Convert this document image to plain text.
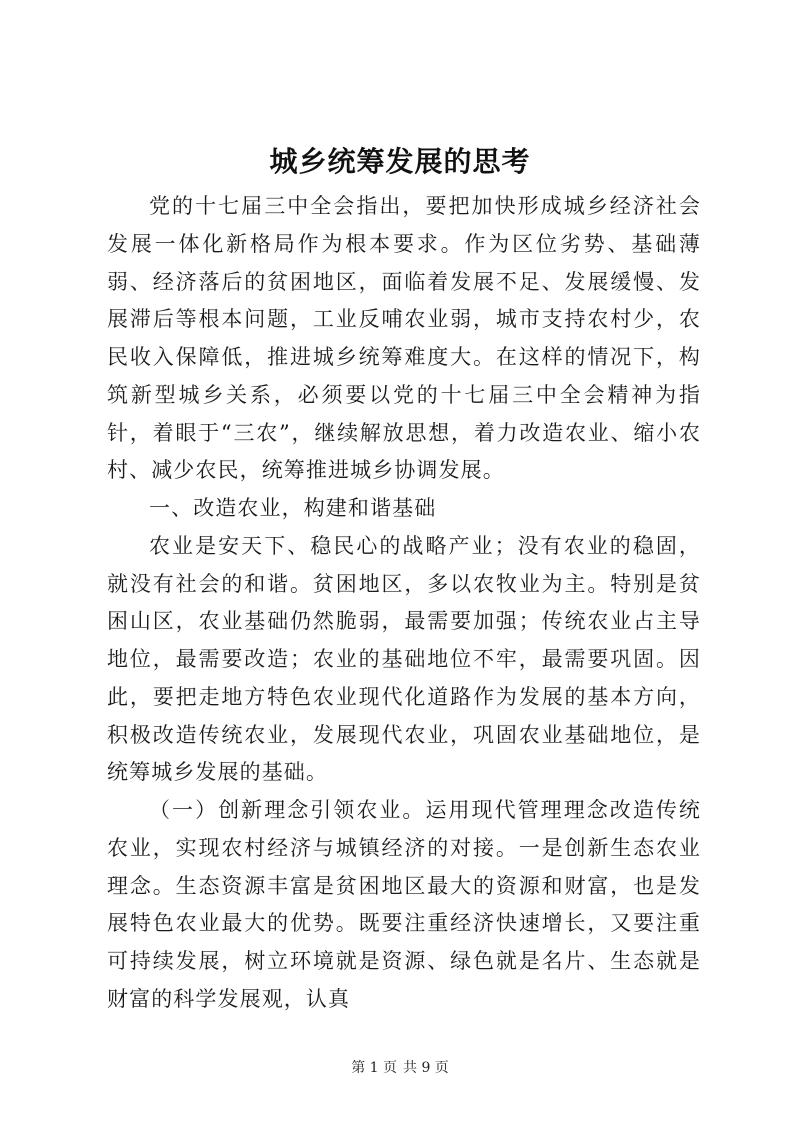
城乡统筹发展的思考

党的十七届三中全会指出，要把加快形成城乡经济社会发展一体化新格局作为根本要求。作为区位劣势、基础薄弱、经济落后的贫困地区，面临着发展不足、发展缓慢、发展滞后等根本问题，工业反哺农业弱，城市支持农村少，农民收入保障低，推进城乡统筹难度大。在这样的情况下，构筑新型城乡关系，必须要以党的十七届三中全会精神为指针，着眼于“三农”，继续解放思想，着力改造农业、缩小农村、减少农民，统筹推进城乡协调发展。

一、改造农业，构建和谐基础

农业是安天下、稳民心的战略产业；没有农业的稳固，就没有社会的和谐。贫困地区，多以农牧业为主。特别是贫困山区，农业基础仍然脆弱，最需要加强；传统农业占主导地位，最需要改造；农业的基础地位不牢，最需要巩固。因此，要把走地方特色农业现代化道路作为发展的基本方向，积极改造传统农业，发展现代农业，巩固农业基础地位，是统筹城乡发展的基础。

（一）创新理念引领农业。运用现代管理理念改造传统农业，实现农村经济与城镇经济的对接。一是创新生态农业理念。生态资源丰富是贫困地区最大的资源和财富，也是发展特色农业最大的优势。既要注重经济快速增长，又要注重可持续发展，树立环境就是资源、绿色就是名片、生态就是财富的科学发展观，认真

第 1 页 共 9 页
